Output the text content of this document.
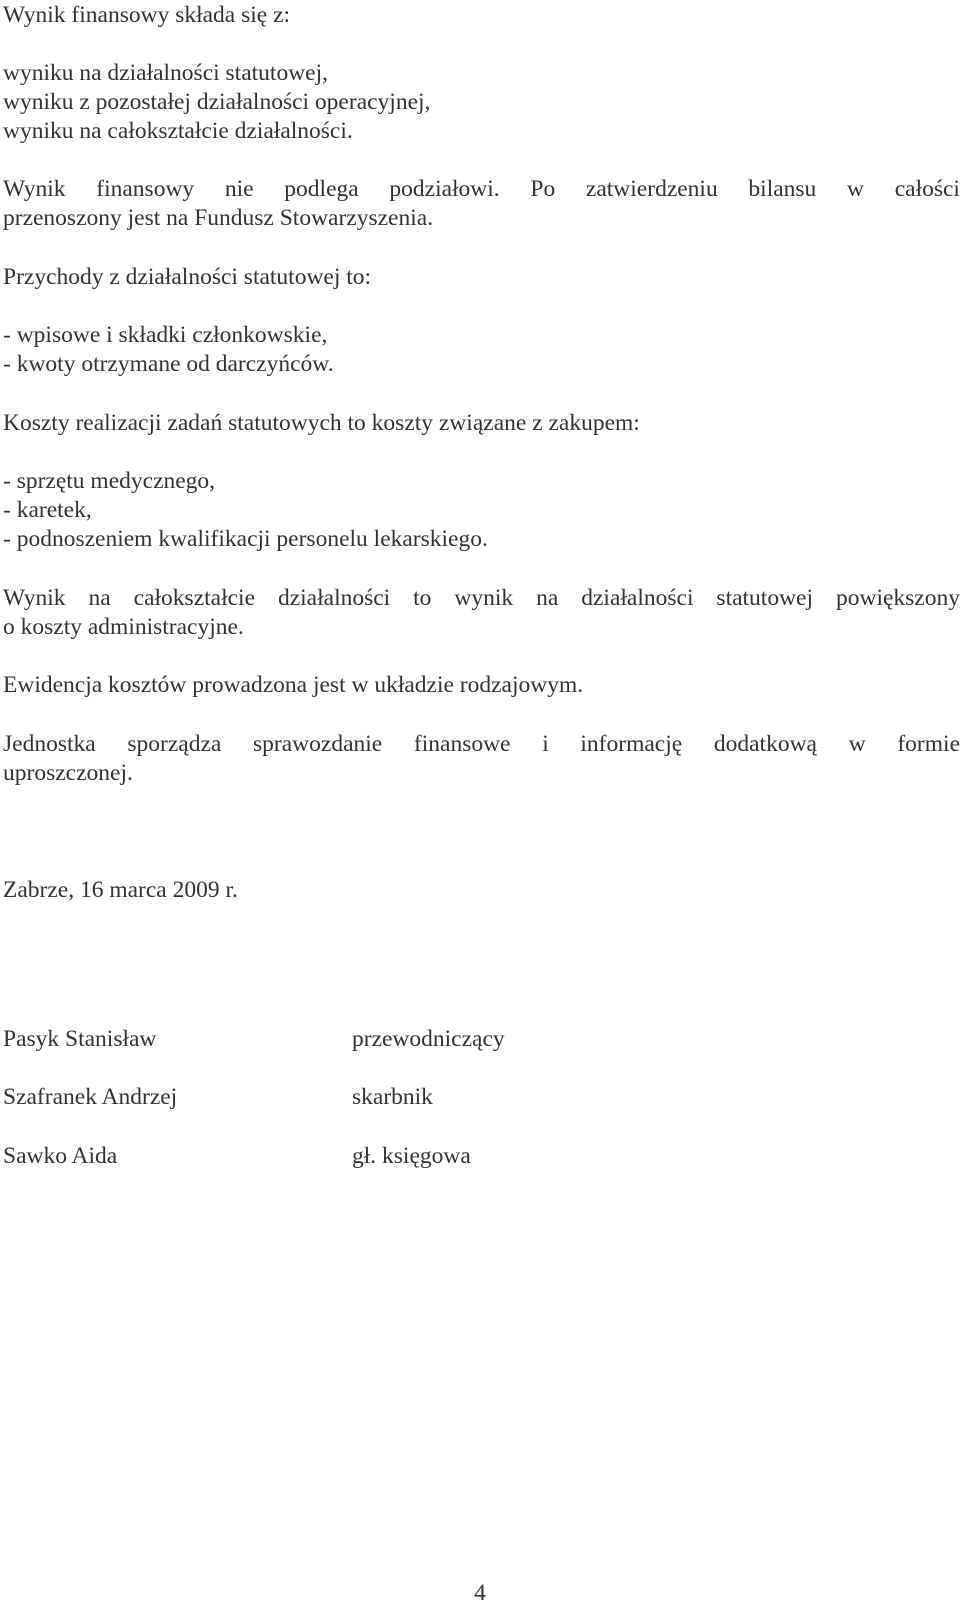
Wynik finansowy składa się z:
wyniku na działalności statutowej,
wyniku z pozostałej działalności operacyjnej,
wyniku na całokształcie działalności.
Wynik finansowy nie podlega podziałowi. Po zatwierdzeniu bilansu w całości
przenoszony jest na Fundusz Stowarzyszenia.
Przychody z działalności statutowej to:
- wpisowe i składki członkowskie,
- kwoty otrzymane od darczyńców.
Koszty realizacji zadań statutowych to koszty związane z zakupem:
- sprzętu medycznego,
- karetek,
- podnoszeniem kwalifikacji personelu lekarskiego.
Wynik na całokształcie działalności to wynik na działalności statutowej powiększony
o koszty administracyjne.
Ewidencja kosztów prowadzona jest w układzie rodzajowym.
Jednostka sporządza sprawozdanie finansowe i informację dodatkową w formie
uproszczonej.
Zabrze, 16 marca 2009 r.
Pasyk Stanisław	przewodniczący
Szafranek Andrzej	skarbnik
Sawko Aida	gł. księgowa
4
